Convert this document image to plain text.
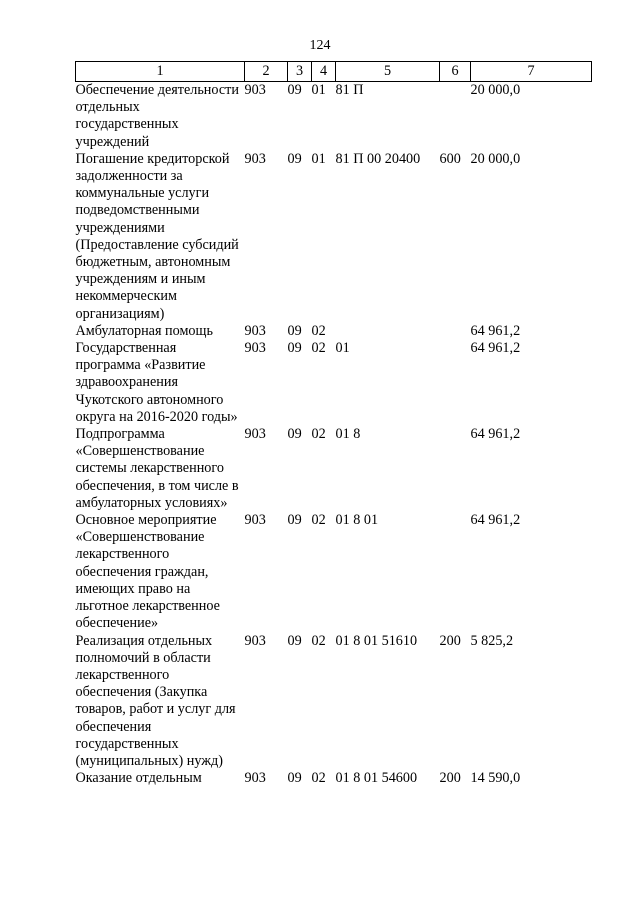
124
1	2	3	4	5	6	7
Обеспечение деятельности отдельных государственных учреждений	903	09	01	81 П		20 000,0
Погашение кредиторской задолженности за коммунальные услуги подведомственными учреждениями (Предоставление субсидий бюджетным, автономным учреждениям и иным некоммерческим организациям)	903	09	01	81 П 00 20400	600	20 000,0
Амбулаторная помощь	903	09	02			64 961,2
Государственная программа «Развитие здравоохранения Чукотского автономного округа на 2016-2020 годы»	903	09	02	01		64 961,2
Подпрограмма «Совершенствование системы лекарственного обеспечения, в том числе в амбулаторных условиях»	903	09	02	01 8		64 961,2
Основное мероприятие «Совершенствование лекарственного обеспечения граждан, имеющих право на льготное лекарственное обеспечение»	903	09	02	01 8 01		64 961,2
Реализация отдельных полномочий в области лекарственного обеспечения (Закупка товаров, работ и услуг для обеспечения государственных (муниципальных) нужд)	903	09	02	01 8 01 51610	200	5 825,2
Оказание отдельным	903	09	02	01 8 01 54600	200	14 590,0
